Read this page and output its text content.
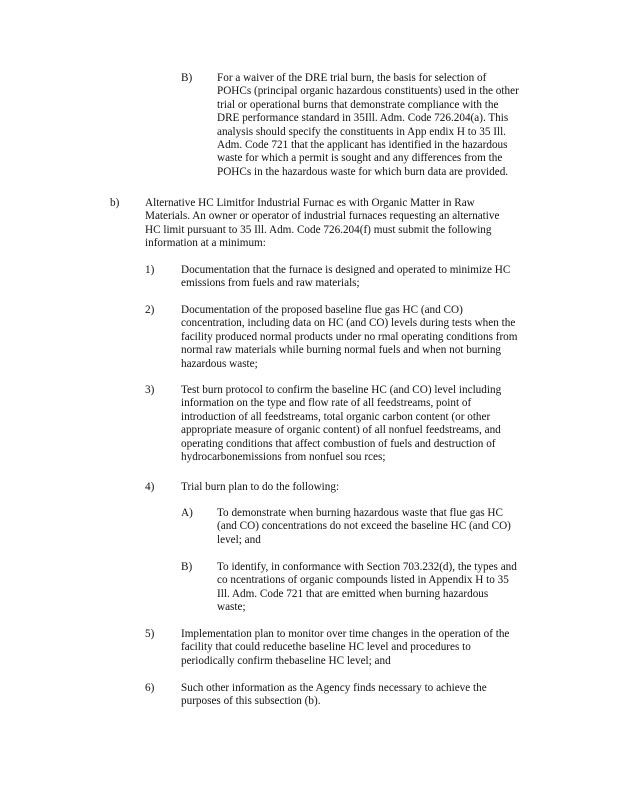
B) For a waiver of the DRE trial burn, the basis for selection of
POHCs (principal organic hazardous constituents) used in the other
trial or operational burns that demonstrate compliance with the
DRE performance standard in 35Ill. Adm. Code 726.204(a). This
analysis should specify the constituents in App endix H to 35 Ill.
Adm. Code 721 that the applicant has identified in the hazardous
waste for which a permit is sought and any differences from the
POHCs in the hazardous waste for which burn data are provided.
b) Alternative HC Limitfor Industrial Furnac es with Organic Matter in Raw
Materials. An owner or operator of industrial furnaces requesting an alternative
HC limit pursuant to 35 Ill. Adm. Code 726.204(f) must submit the following
information at a minimum:
1) Documentation that the furnace is designed and operated to minimize HC
emissions from fuels and raw materials;
2) Documentation of the proposed baseline flue gas HC (and CO)
concentration, including data on HC (and CO) levels during tests when the
facility produced normal products under no rmal operating conditions from
normal raw materials while burning normal fuels and when not burning
hazardous waste;
3) Test burn protocol to confirm the baseline HC (and CO) level including
information on the type and flow rate of all feedstreams, point of
introduction of all feedstreams, total organic carbon content (or other
appropriate measure of organic content) of all nonfuel feedstreams, and
operating conditions that affect combustion of fuels and destruction of
hydrocarbonemissions from nonfuel sou rces;
4) Trial burn plan to do the following:
A) To demonstrate when burning hazardous waste that flue gas HC
(and CO) concentrations do not exceed the baseline HC (and CO)
level; and
B) To identify, in conformance with Section 703.232(d), the types and
co ncentrations of organic compounds listed in Appendix H to 35
Ill. Adm. Code 721 that are emitted when burning hazardous
waste;
5) Implementation plan to monitor over time changes in the operation of the
facility that could reducethe baseline HC level and procedures to
periodically confirm thebaseline HC level; and
6) Such other information as the Agency finds necessary to achieve the
purposes of this subsection (b).
